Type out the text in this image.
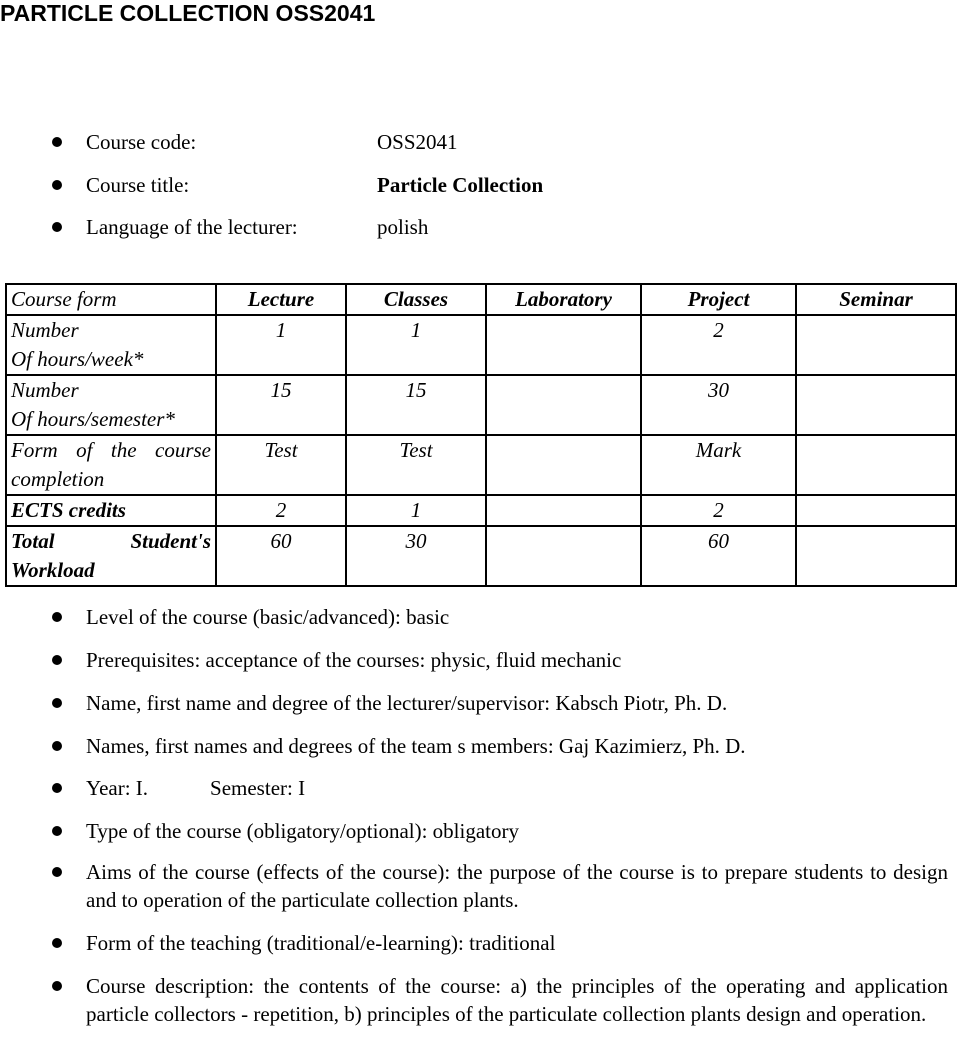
PARTICLE COLLECTION OSS2041
Course code:	OSS2041
Course title:	Particle Collection
Language of the lecturer:	polish
Course form	Lecture	Classes	Laboratory	Project	Seminar

Number
Of hours/week*	1	1		2	

Number
Of hours/semester*	15	15		30	

Form of the course
completion	Test	Test		Mark	

ECTS credits	2	1		2	

Total Student's
Workload	60	30		60	
Level of the course (basic/advanced): basic
Prerequisites: acceptance of the courses: physic, fluid mechanic
Name, first name and degree of the lecturer/supervisor: Kabsch Piotr, Ph. D.
Names, first names and degrees of the team s members: Gaj Kazimierz, Ph. D.
Year: I.	Semester: I
Type of the course (obligatory/optional): obligatory
Aims of the course (effects of the course): the purpose of the course is to prepare students to design and to operation of the particulate collection plants.
Form of the teaching (traditional/e-learning): traditional
Course description: the contents of the course: a) the principles of the operating and application particle collectors - repetition, b) principles of the particulate collection plants design and operation.
